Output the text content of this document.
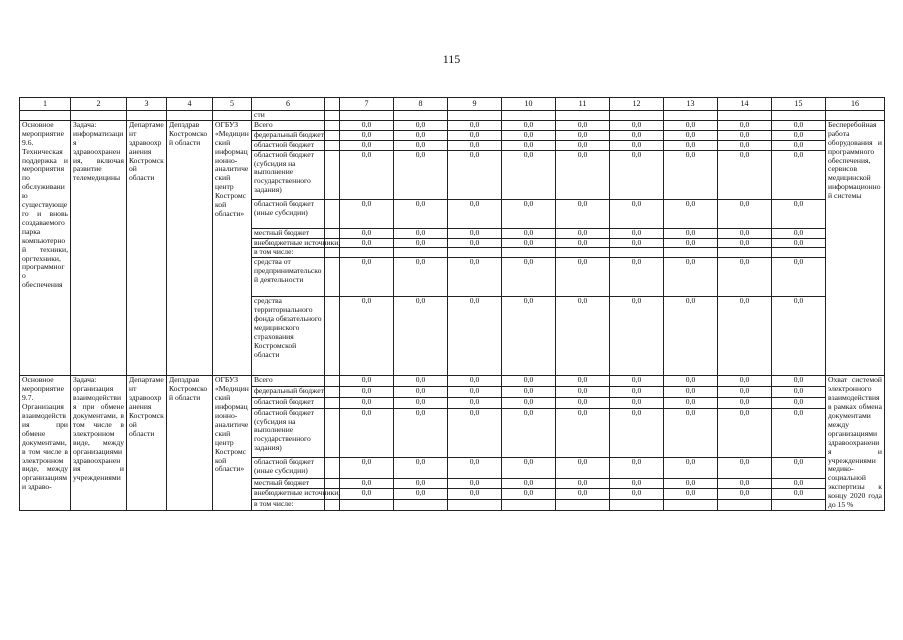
115
1	2	3	4	5	6		7	8	9	10	11	12	13	14	15	16
					сти											
Основное мероприятие 9.6. Техническая поддержка и мероприятия по обслуживанию существующего и вновь создаваемого парка компьютерной техники, оргтехники, программного обеспечения	Задача: информатизация здравоохранения, включая развитие телемедицины	Департамент здравоохранения Костромской области	Депздрав Костромской области	ОГБУЗ «Медицинский информационно-аналитический центр Костромской области»	Всего		0,0	0,0	0,0	0,0	0,0	0,0	0,0	0,0	0,0	Бесперебойная работа оборудования и программного обеспечения, сервисов медицинской информационной системы
					федеральный бюджет		0,0	0,0	0,0	0,0	0,0	0,0	0,0	0,0	0,0	
					областной бюджет		0,0	0,0	0,0	0,0	0,0	0,0	0,0	0,0	0,0	
					областной бюджет (субсидия на выполнение государственного задания)		0,0	0,0	0,0	0,0	0,0	0,0	0,0	0,0	0,0	
					областной бюджет (иные субсидии)		0,0	0,0	0,0	0,0	0,0	0,0	0,0	0,0	0,0	
					местный бюджет		0,0	0,0	0,0	0,0	0,0	0,0	0,0	0,0	0,0	
					внебюджетные источники,		0,0	0,0	0,0	0,0	0,0	0,0	0,0	0,0	0,0	
					в том числе:											
					средства от предпринимательской деятельности		0,0	0,0	0,0	0,0	0,0	0,0	0,0	0,0	0,0	
					средства территориального фонда обязательного медицинского страхования Костромской области		0,0	0,0	0,0	0,0	0,0	0,0	0,0	0,0	0,0	
Основное мероприятие 9.7. Организация взаимодействия при обмене документами, в том числе в электронном виде, между организациями здраво-	Задача: организация взаимодействия при обмене документами, в том числе в электронном виде, между организациями здравоохранения и учреждениями	Департамент здравоохранения Костромской области	Депздрав Костромской области	ОГБУЗ «Медицинский информационно-аналитический центр Костромской области»	Всего		0,0	0,0	0,0	0,0	0,0	0,0	0,0	0,0	0,0	Охват системой электронного взаимодействия в рамках обмена документами между организациями здравоохранения и учреждениями медико-социальной экспертизы к концу 2020 года до 15 %
					федеральный бюджет		0,0	0,0	0,0	0,0	0,0	0,0	0,0	0,0	0,0	
					областной бюджет		0,0	0,0	0,0	0,0	0,0	0,0	0,0	0,0	0,0	
					областной бюджет (субсидия на выполнение государственного задания)		0,0	0,0	0,0	0,0	0,0	0,0	0,0	0,0	0,0	
					областной бюджет (иные субсидии)		0,0	0,0	0,0	0,0	0,0	0,0	0,0	0,0	0,0	
					местный бюджет		0,0	0,0	0,0	0,0	0,0	0,0	0,0	0,0	0,0	
					внебюджетные источники,		0,0	0,0	0,0	0,0	0,0	0,0	0,0	0,0	0,0	
					в том числе:											
